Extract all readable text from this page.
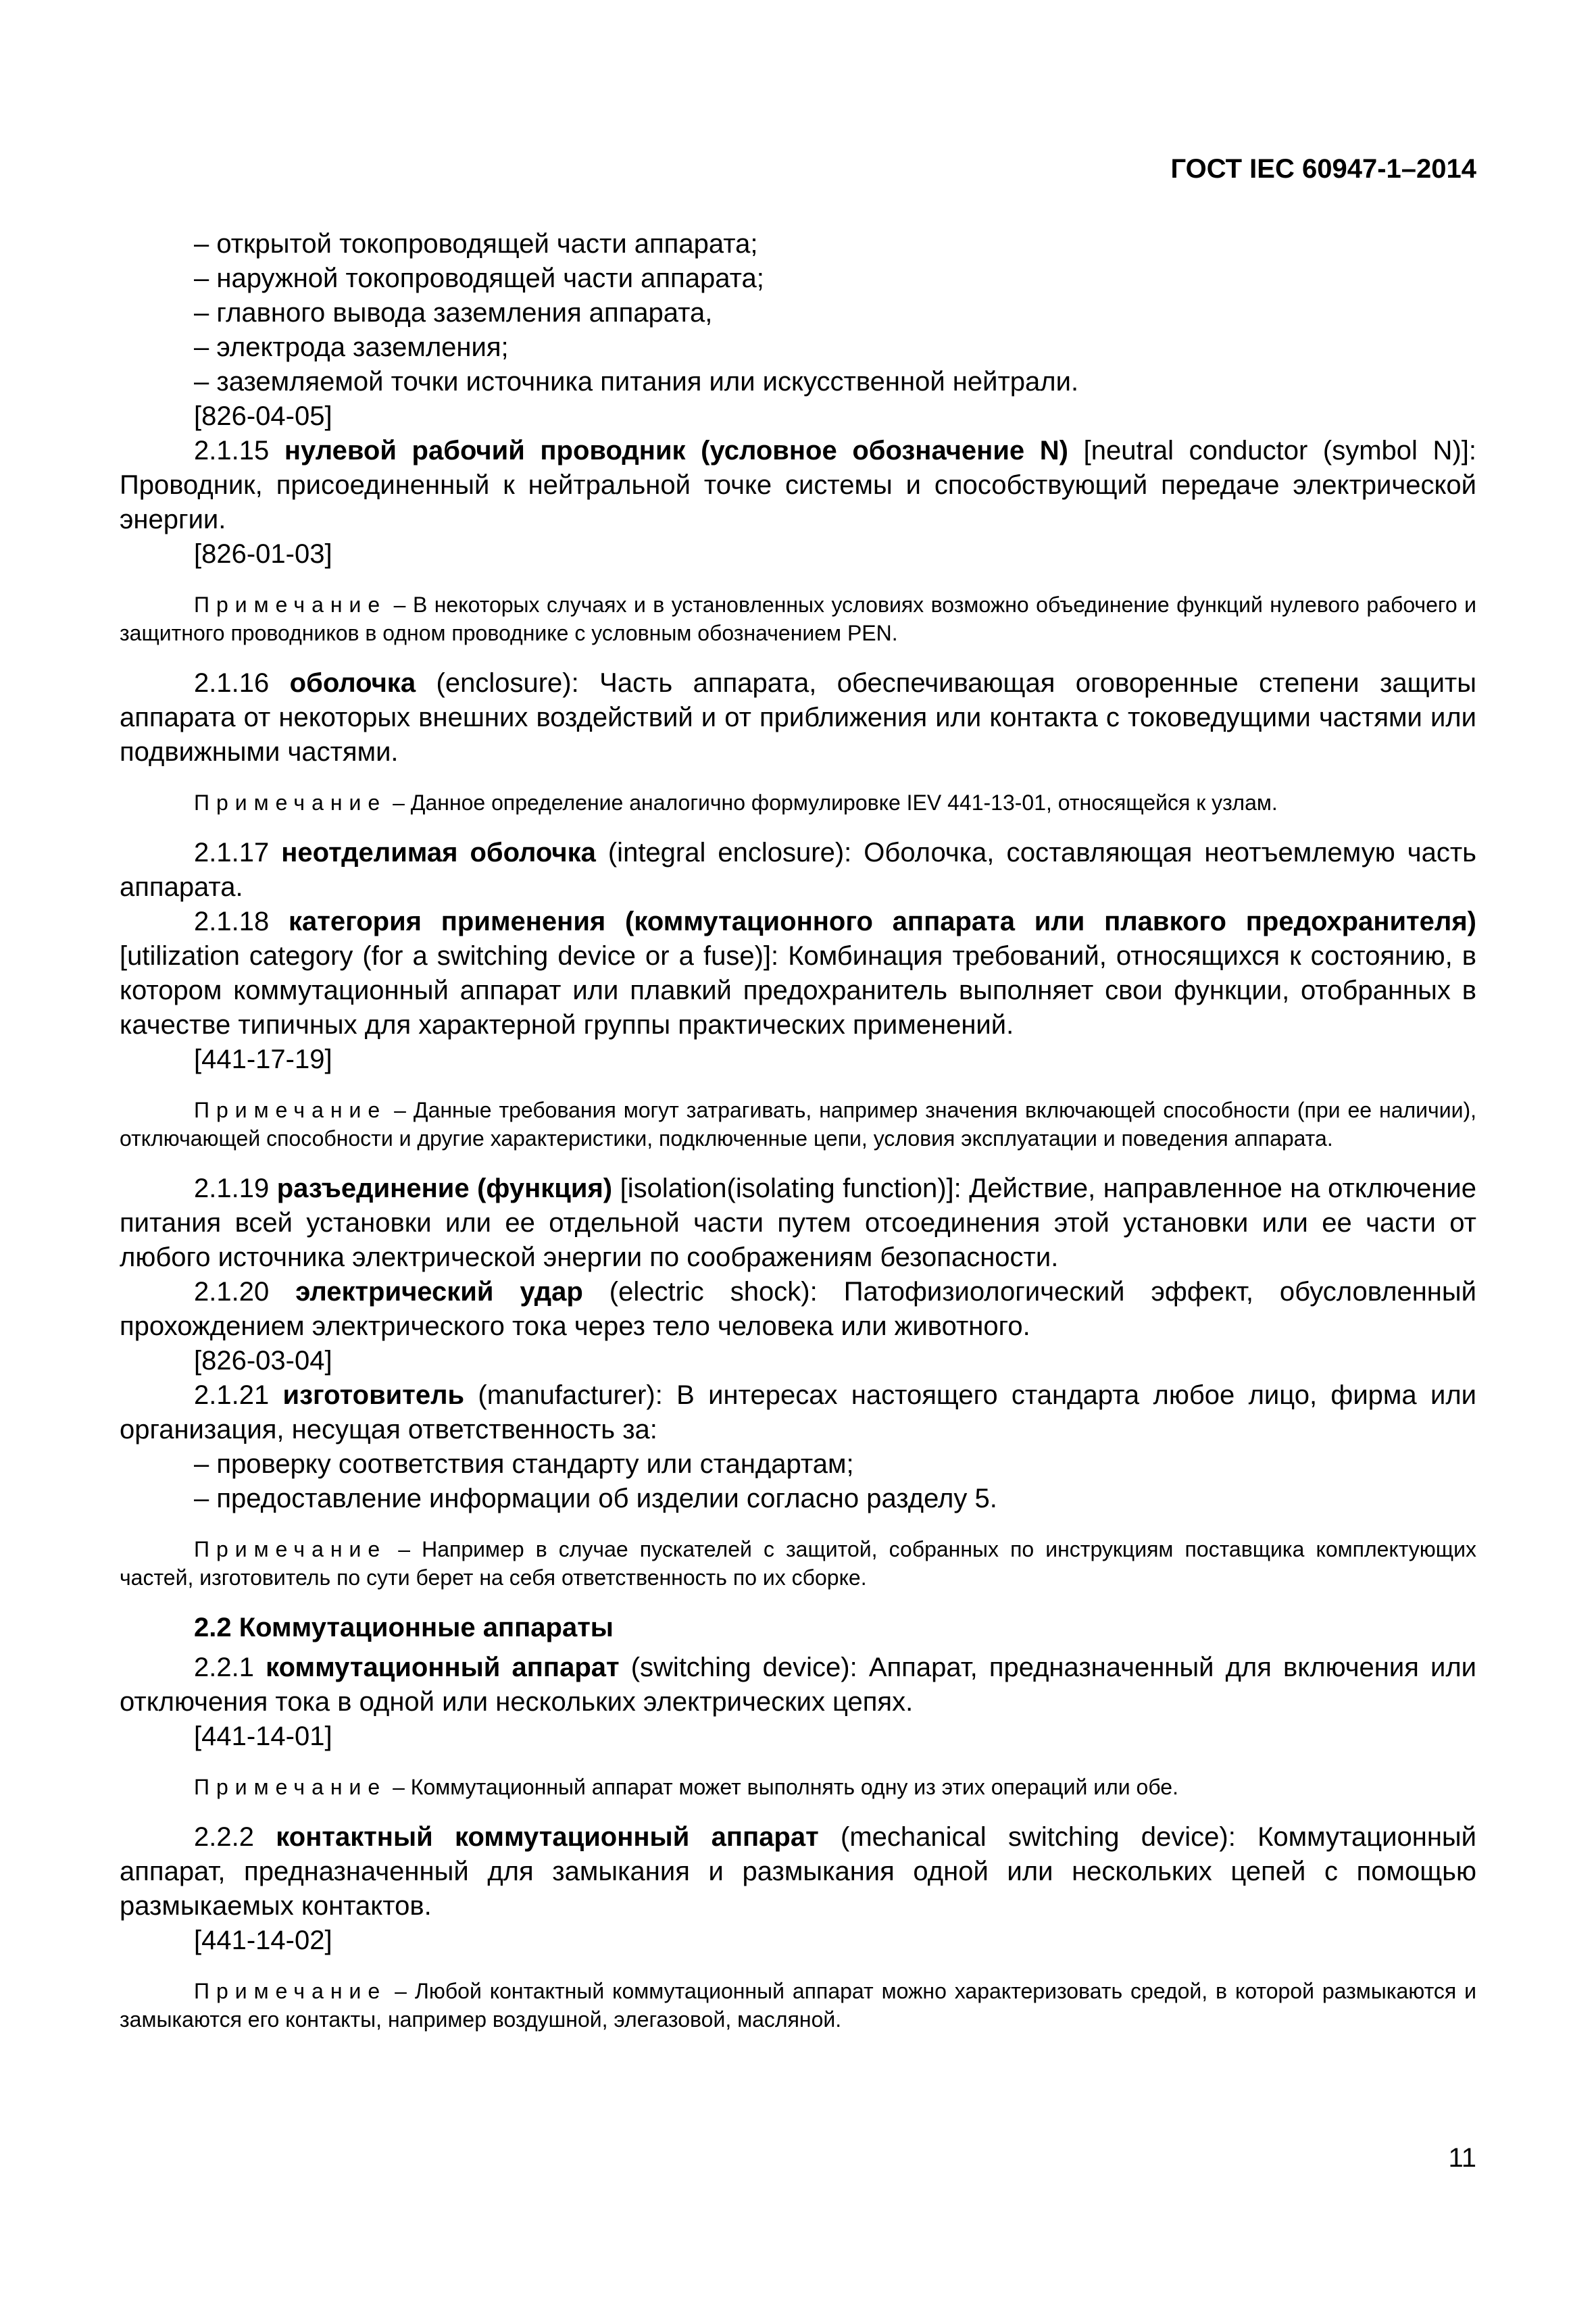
ГОСТ IEC 60947-1–2014
– открытой токопроводящей части аппарата;
– наружной токопроводящей части аппарата;
– главного вывода заземления аппарата,
– электрода заземления;
– заземляемой точки источника питания или искусственной нейтрали.
[826-04-05]
2.1.15 нулевой рабочий проводник (условное обозначение N) [neutral conductor (symbol N)]: Проводник, присоединенный к нейтральной точке системы и способствующий передаче электрической энергии.
[826-01-03]
Примечание – В некоторых случаях и в установленных условиях возможно объединение функций нулевого рабочего и защитного проводников в одном проводнике с условным обозначением PEN.
2.1.16 оболочка (enclosure): Часть аппарата, обеспечивающая оговоренные степени защиты аппарата от некоторых внешних воздействий и от приближения или контакта с токоведущими частями или подвижными частями.
Примечание – Данное определение аналогично формулировке IEV 441-13-01, относящейся к узлам.
2.1.17 неотделимая оболочка (integral enclosure): Оболочка, составляющая неотъемлемую часть аппарата.
2.1.18 категория применения (коммутационного аппарата или плавкого предохранителя) [utilization category (for a switching device or a fuse)]: Комбинация требований, относящихся к состоянию, в котором коммутационный аппарат или плавкий предохранитель выполняет свои функции, отобранных в качестве типичных для характерной группы практических применений.
[441-17-19]
Примечание – Данные требования могут затрагивать, например значения включающей способности (при ее наличии), отключающей способности и другие характеристики, подключенные цепи, условия эксплуатации и поведения аппарата.
2.1.19 разъединение (функция) [isolation(isolating function)]: Действие, направленное на отключение питания всей установки или ее отдельной части путем отсоединения этой установки или ее части от любого источника электрической энергии по соображениям безопасности.
2.1.20 электрический удар (electric shock): Патофизиологический эффект, обусловленный прохождением электрического тока через тело человека или животного.
[826-03-04]
2.1.21 изготовитель (manufacturer): В интересах настоящего стандарта любое лицо, фирма или организация, несущая ответственность за:
– проверку соответствия стандарту или стандартам;
– предоставление информации об изделии согласно разделу 5.
Примечание – Например в случае пускателей с защитой, собранных по инструкциям поставщика комплектующих частей, изготовитель по сути берет на себя ответственность по их сборке.
2.2 Коммутационные аппараты
2.2.1 коммутационный аппарат (switching device): Аппарат, предназначенный для включения или отключения тока в одной или нескольких электрических цепях.
[441-14-01]
Примечание – Коммутационный аппарат может выполнять одну из этих операций или обе.
2.2.2 контактный коммутационный аппарат (mechanical switching device): Коммутационный аппарат, предназначенный для замыкания и размыкания одной или нескольких цепей с помощью размыкаемых контактов.
[441-14-02]
Примечание – Любой контактный коммутационный аппарат можно характеризовать средой, в которой размыкаются и замыкаются его контакты, например воздушной, элегазовой, масляной.
11
